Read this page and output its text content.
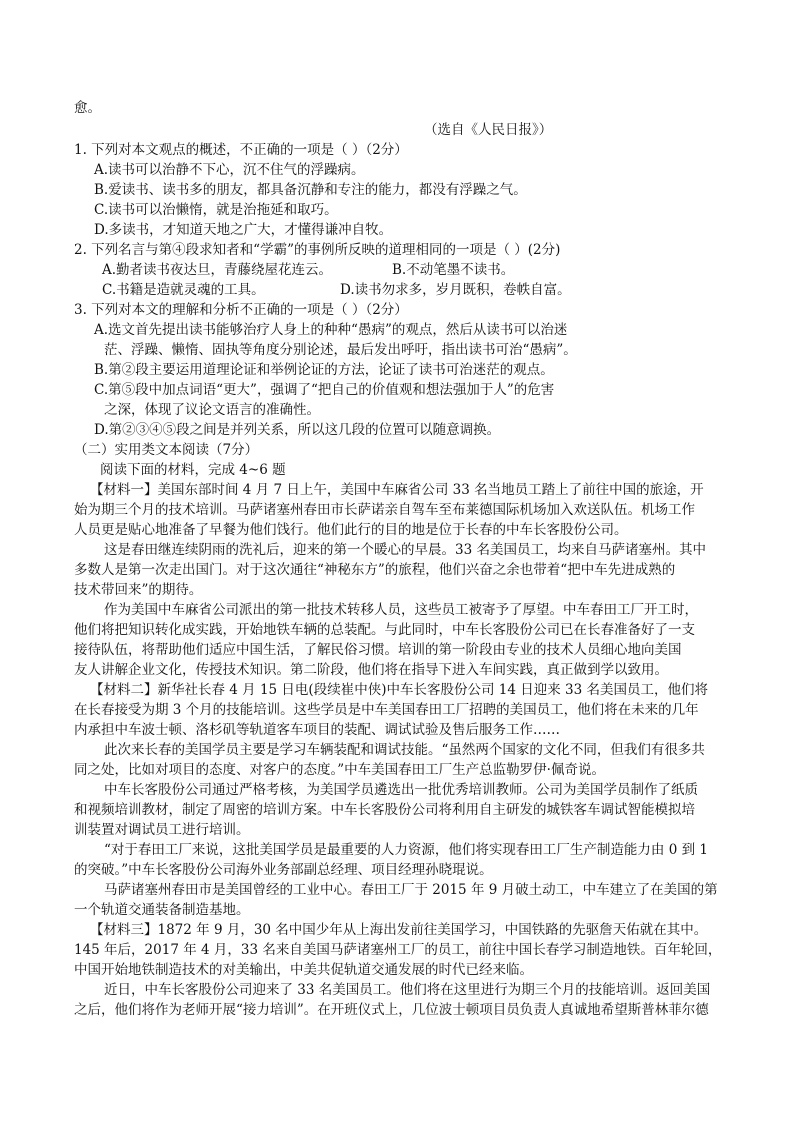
愈。
（选自《人民日报》）
1. 下列对本文观点的概述，不正确的一项是（ ）（2分）
A.读书可以治静不下心，沉不住气的浮躁病。
B.爱读书、读书多的朋友，都具备沉静和专注的能力，都没有浮躁之气。
C.读书可以治懒惰，就是治拖延和取巧。
D.多读书，才知道天地之广大，才懂得谦冲自牧。
2. 下列名言与第④段求知者和“学霸”的事例所反映的道理相同的一项是（ ）(2分)
A.勤者读书夜达旦，青藤绕屋花连云。	B.不动笔墨不读书。
C.书籍是造就灵魂的工具。	D.读书勿求多，岁月既积，卷帙自富。
3. 下列对本文的理解和分析不正确的一项是（ ）（2分）
A.选文首先提出读书能够治疗人身上的种种“愚病”的观点，然后从读书可以治迷
茫、浮躁、懒惰、固执等角度分别论述，最后发出呼吁，指出读书可治“愚病”。
B.第②段主要运用道理论证和举例论证的方法，论证了读书可治迷茫的观点。
C.第⑤段中加点词语“更大”，强调了“把自己的价值观和想法强加于人”的危害
之深，体现了议论文语言的准确性。
D.第②③④⑤段之间是并列关系，所以这几段的位置可以随意调换。
（二）实用类文本阅读（7分）
阅读下面的材料，完成 4~6 题
【材料一】美国东部时间 4 月 7 日上午，美国中车麻省公司 33 名当地员工踏上了前往中国的旅途，开
始为期三个月的技术培训。马萨诸塞州春田市长萨诺亲自驾车至布莱德国际机场加入欢送队伍。机场工作
人员更是贴心地准备了早餐为他们饯行。他们此行的目的地是位于长春的中车长客股份公司。
这是春田继连续阴雨的洗礼后，迎来的第一个暖心的早晨。33 名美国员工，均来自马萨诸塞州。其中
多数人是第一次走出国门。对于这次通往“神秘东方”的旅程，他们兴奋之余也带着“把中车先进成熟的
技术带回来”的期待。
作为美国中车麻省公司派出的第一批技术转移人员，这些员工被寄予了厚望。中车春田工厂开工时，
他们将把知识转化成实践，开始地铁车辆的总装配。与此同时，中车长客股份公司已在长春准备好了一支
接待队伍，将帮助他们适应中国生活，了解民俗习惯。培训的第一阶段由专业的技术人员细心地向美国
友人讲解企业文化，传授技术知识。第二阶段，他们将在指导下进入车间实践，真正做到学以致用。
【材料二】新华社长春 4 月 15 日电(段续崔中侠)中车长客股份公司 14 日迎来 33 名美国员工，他们将
在长春接受为期 3 个月的技能培训。这些学员是中车美国春田工厂招聘的美国员工，他们将在未来的几年
内承担中车波士顿、洛杉矶等轨道客车项目的装配、调试试验及售后服务工作……
此次来长春的美国学员主要是学习车辆装配和调试技能。“虽然两个国家的文化不同，但我们有很多共
同之处，比如对项目的态度、对客户的态度。”中车美国春田工厂生产总监勒罗伊·佩奇说。
中车长客股份公司通过严格考核，为美国学员遴选出一批优秀培训教师。公司为美国学员制作了纸质
和视频培训教材，制定了周密的培训方案。中车长客股份公司将利用自主研发的城铁客车调试智能模拟培
训装置对调试员工进行培训。
“对于春田工厂来说，这批美国学员是最重要的人力资源，他们将实现春田工厂生产制造能力由 0 到 1
的突破。”中车长客股份公司海外业务部副总经理、项目经理孙晓琨说。
马萨诸塞州春田市是美国曾经的工业中心。春田工厂于 2015 年 9 月破土动工，中车建立了在美国的第
一个轨道交通装备制造基地。
【材料三】1872 年 9 月，30 名中国少年从上海出发前往美国学习，中国铁路的先驱詹天佑就在其中。
145 年后，2017 年 4 月，33 名来自美国马萨诸塞州工厂的员工，前往中国长春学习制造地铁。百年轮回，
中国开始地铁制造技术的对美输出，中美共促轨道交通发展的时代已经来临。
近日，中车长客股份公司迎来了 33 名美国员工。他们将在这里进行为期三个月的技能培训。返回美国
之后，他们将作为老师开展“接力培训”。在开班仪式上，几位波士顿项目员负责人真诚地希望斯普林菲尔德
